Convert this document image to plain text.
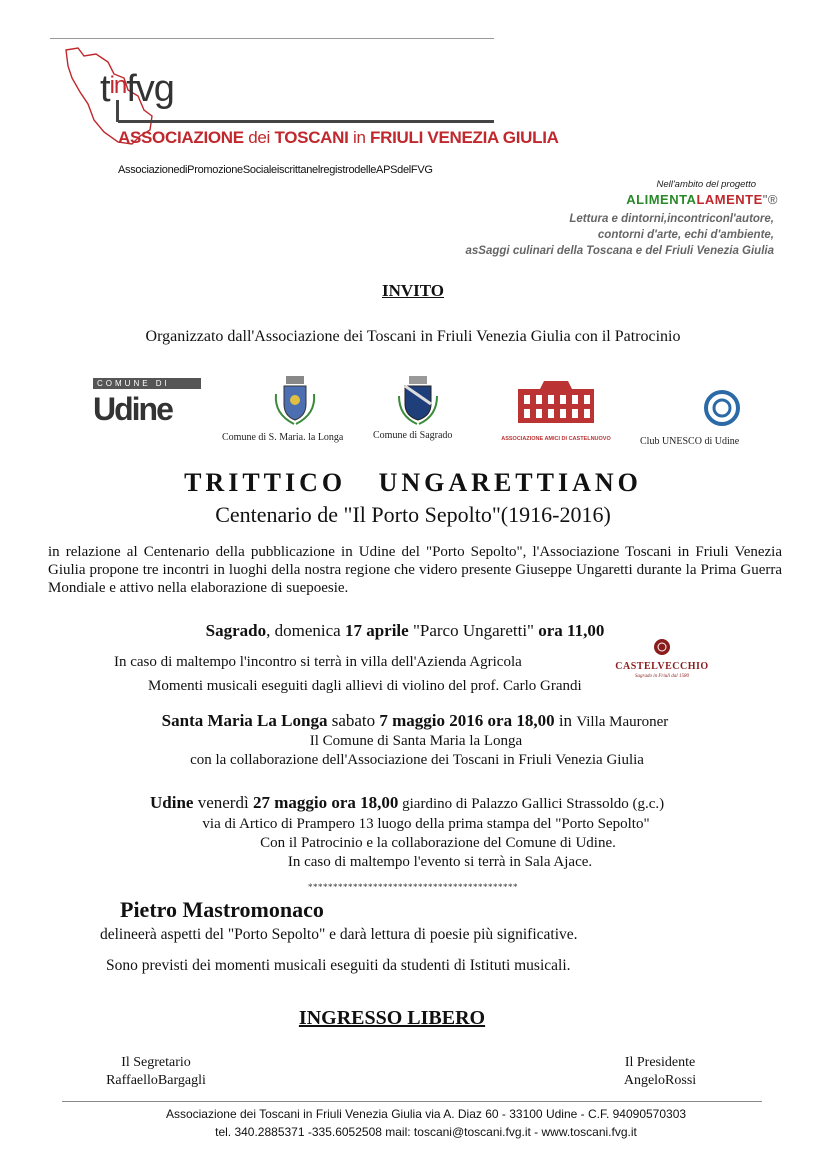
$t^{in}fvg$
ASSOCIAZIONE dei TOSCANI in FRIULI VENEZIA GIULIA
AssociazionediPromozioneSocialeiscrittanelregistrodelleAPSdelFVG
Nell'ambito del progetto
ALIMENTALAMENTE"®
Lettura e dintorni,incontriconl'autore,
contorni d'arte, echi d'ambiente,
asSaggi culinari della Toscana e del Friuli Venezia Giulia
INVITO
Organizzato dall'Associazione dei Toscani in Friuli Venezia Giulia con il Patrocinio
COMUNE DI
Udine
Comune di S. Maria. la Longa	Comune di Sagrado	ASSOCIAZIONE AMICI DI CASTELNUOVO	Club UNESCO di Udine
TRITTICO UNGARETTIANO
Centenario de "Il Porto Sepolto"(1916-2016)
in relazione al Centenario della pubblicazione in Udine del "Porto Sepolto", l'Associazione Toscani in Friuli Venezia Giulia propone tre incontri in luoghi della nostra regione che videro presente Giuseppe Ungaretti durante la Prima Guerra Mondiale e attivo nella elaborazione di suepoesie.
Sagrado, domenica 17 aprile "Parco Ungaretti" ora 11,00
In caso di maltempo l'incontro si terrà in villa dell'Azienda Agricola	CASTELVECCHIO
Sagrado in Friuli dal 1580
Momenti musicali eseguiti dagli allievi di violino del prof. Carlo Grandi
Santa Maria La Longa sabato 7 maggio 2016 ora 18,00 in Villa Mauroner
Il Comune di Santa Maria la Longa
con la collaborazione dell'Associazione dei Toscani in Friuli Venezia Giulia
Udine venerdì 27 maggio ora 18,00 giardino di Palazzo Gallici Strassoldo (g.c.)
via di Artico di Prampero 13 luogo della prima stampa del "Porto Sepolto"
Con il Patrocinio e la collaborazione del Comune di Udine.
In caso di maltempo l'evento si terrà in Sala Ajace.
******************************************
Pietro Mastromonaco
delineerà aspetti del "Porto Sepolto" e darà lettura di poesie più significative.
Sono previsti dei momenti musicali eseguiti da studenti di Istituti musicali.
INGRESSO LIBERO
Il Segretario
RaffaelloBargagli
Il Presidente
AngeloRossi
Associazione dei Toscani in Friuli Venezia Giulia via A. Diaz 60 - 33100 Udine - C.F. 94090570303
tel. 340.2885371 -335.6052508 mail: toscani@toscani.fvg.it - www.toscani.fvg.it
